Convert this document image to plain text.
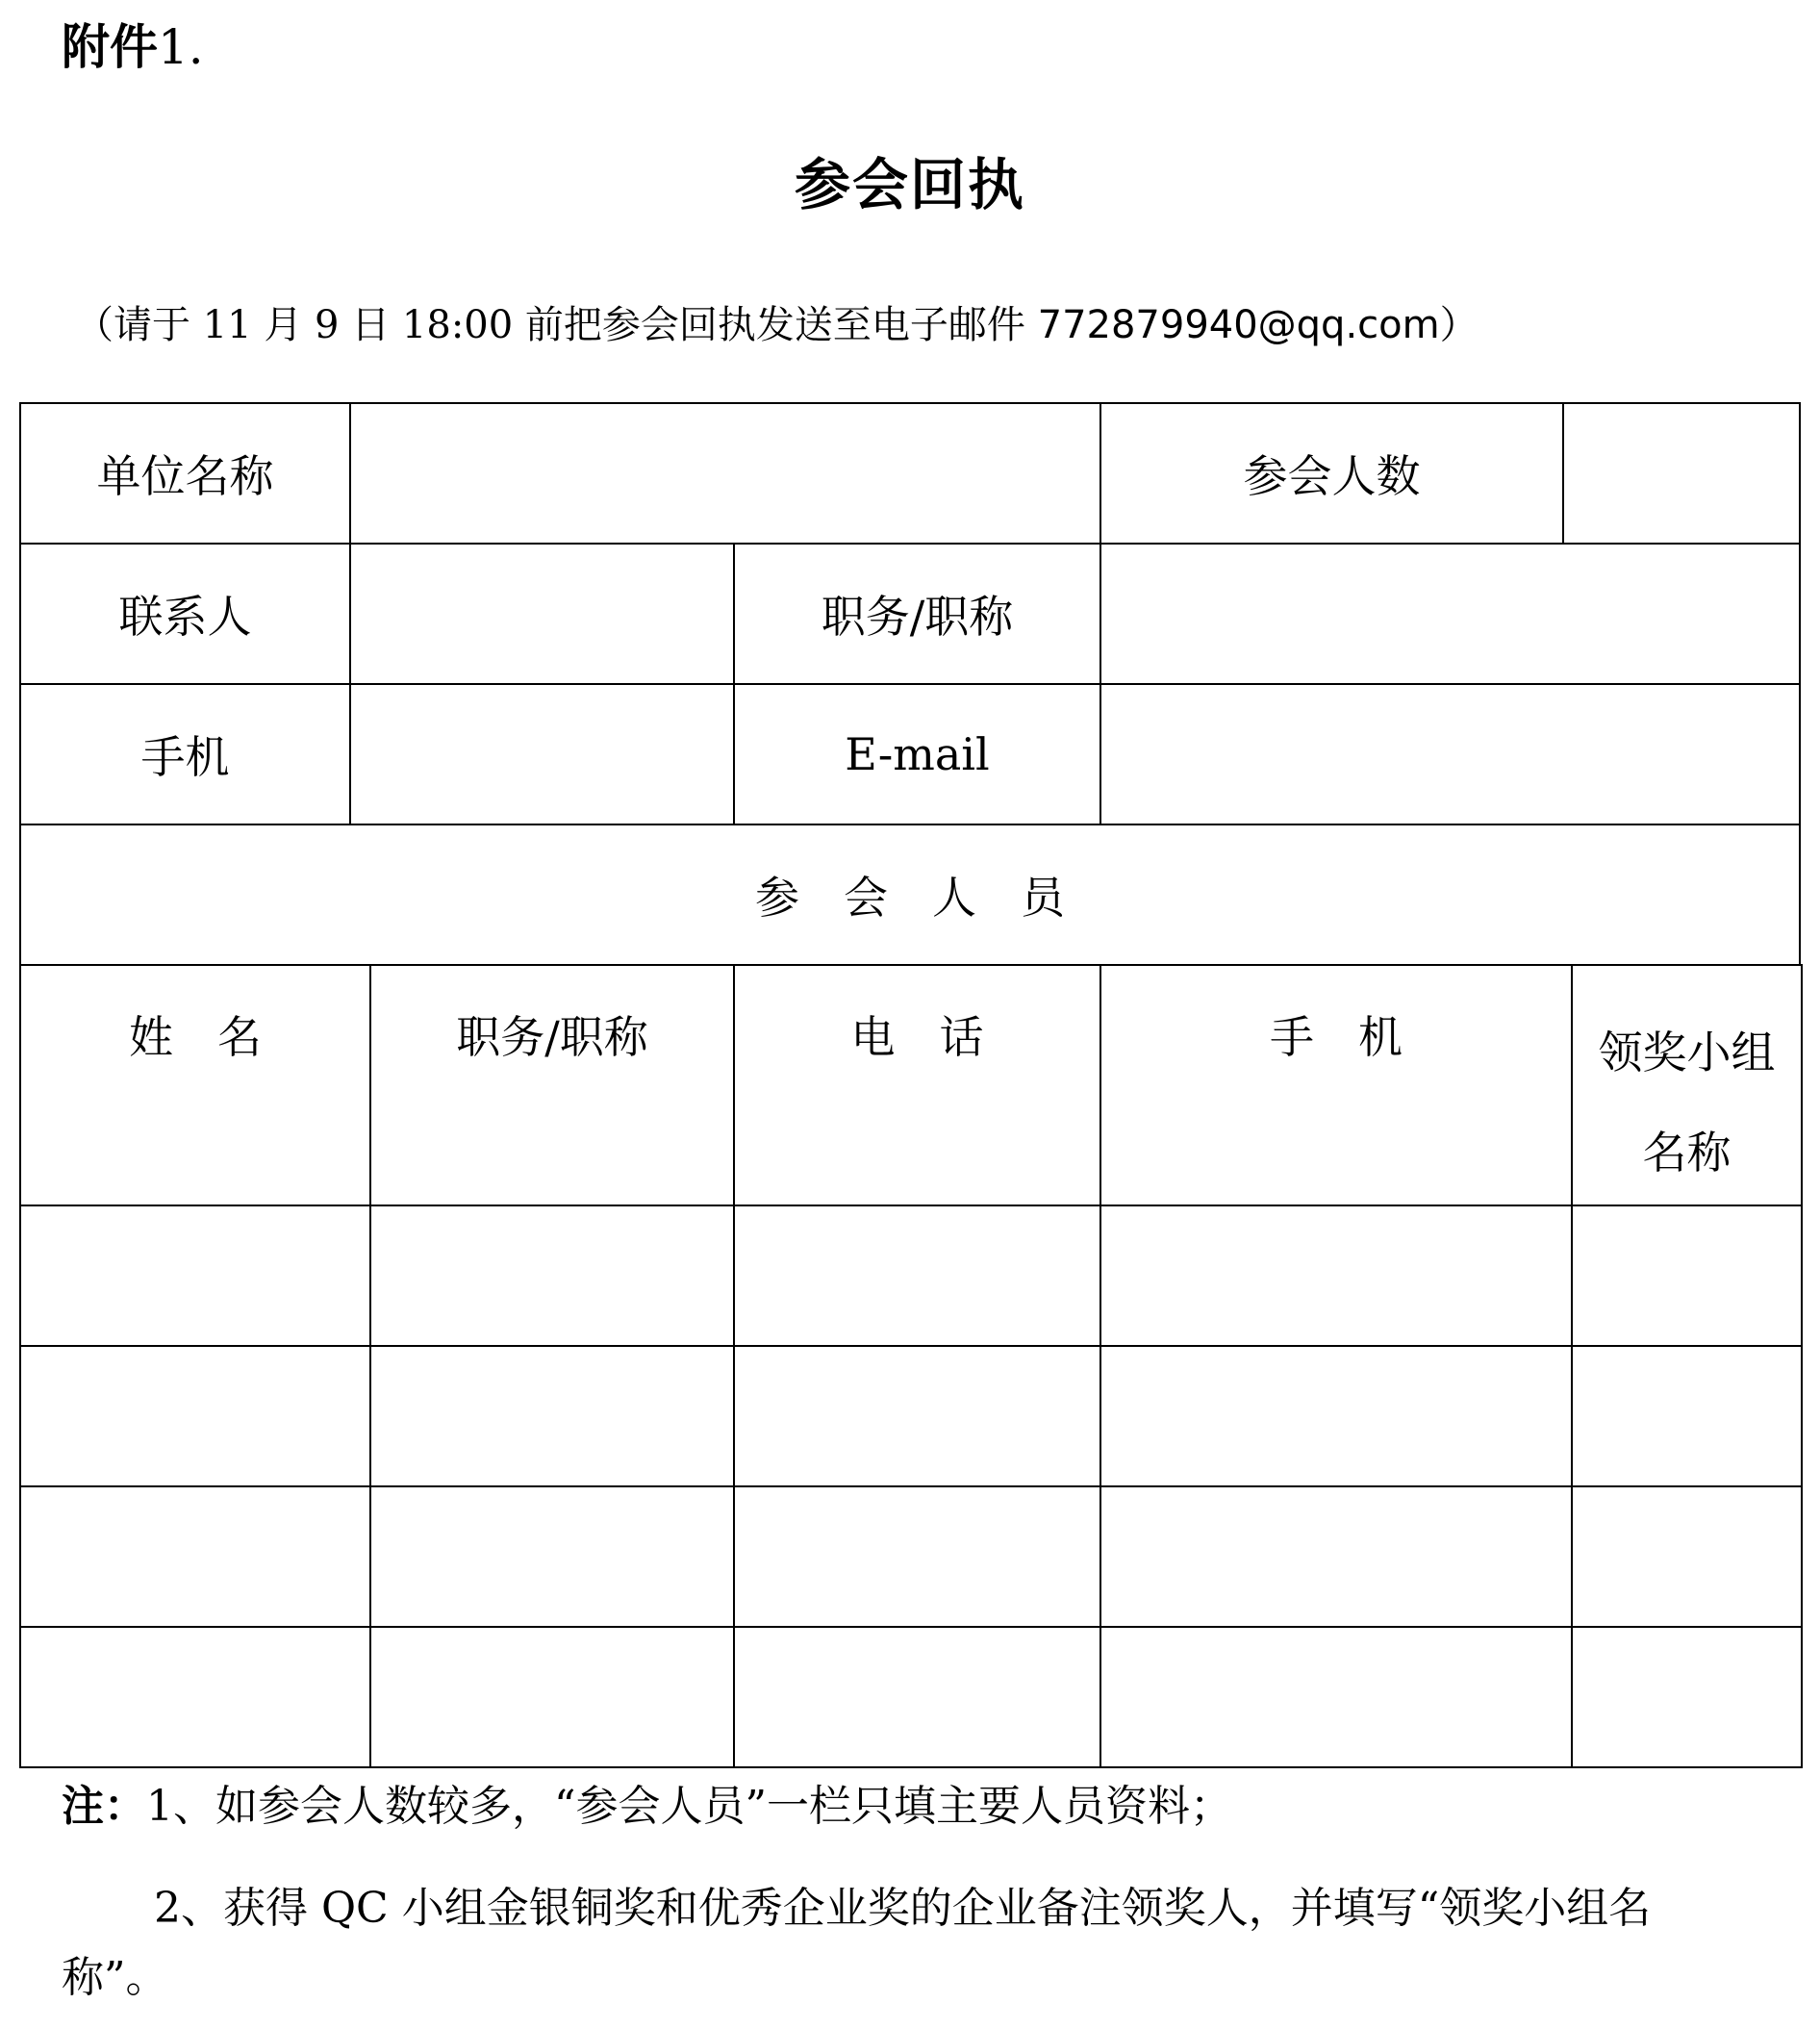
附件1.
参会回执
（请于 11 月 9 日 18:00 前把参会回执发送至电子邮件 772879940@qq.com）
单位名称	参会人数
联系人	职务/职称
手机	E-mail
参　会　人　员
姓　名	职务/职称	电　话	手　机	领奖小组名称
注：1、如参会人数较多，“参会人员”一栏只填主要人员资料；
2、获得 QC 小组金银铜奖和优秀企业奖的企业备注领奖人，并填写“领奖小组名称”。
